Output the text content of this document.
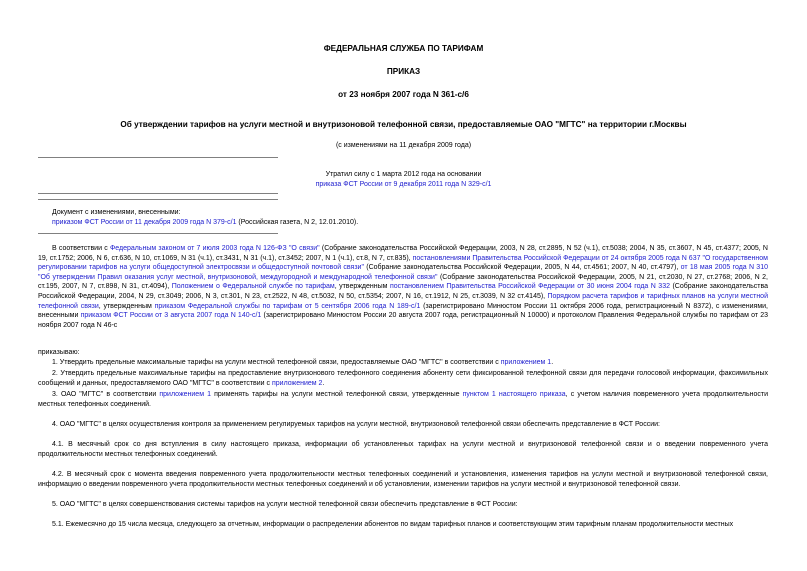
ФЕДЕРАЛЬНАЯ СЛУЖБА ПО ТАРИФАМ
ПРИКАЗ
от 23 ноября 2007 года N 361-с/6
Об утверждении тарифов на услуги местной и внутризоновой телефонной связи, предоставляемые ОАО "МГТС" на территории г.Москвы
(с изменениями на 11 декабря 2009 года)
Утратил силу с 1 марта 2012 года на основании
приказа ФСТ России от 9 декабря 2011 года N 329-с/1
Документ с изменениями, внесенными:
приказом ФСТ России от 11 декабря 2009 года N 379-с/1 (Российская газета, N 2, 12.01.2010).
В соответствии с Федеральным законом от 7 июля 2003 года N 126-ФЗ "О связи" (Собрание законодательства Российской Федерации, 2003, N 28, ст.2895, N 52 (ч.1), ст.5038; 2004, N 35, ст.3607, N 45, ст.4377; 2005, N 19, ст.1752; 2006, N 6, ст.636, N 10, ст.1069, N 31 (ч.1), ст.3431, N 31 (ч.1), ст.3452; 2007, N 1 (ч.1), ст.8, N 7, ст.835), постановлениями Правительства Российской Федерации от 24 октября 2005 года N 637 "О государственном регулировании тарифов на услуги общедоступной электросвязи и общедоступной почтовой связи" (Собрание законодательства Российской Федерации, 2005, N 44, ст.4561; 2007, N 40, ст.4797), от 18 мая 2005 года N 310 "Об утверждении Правил оказания услуг местной, внутризоновой, междугородной и международной телефонной связи" (Собрание законодательства Российской Федерации, 2005, N 21, ст.2030, N 27, ст.2768; 2006, N 2, ст.195, 2007, N 7, ст.898, N 31, ст.4094), Положением о Федеральной службе по тарифам, утвержденным постановлением Правительства Российской Федерации от 30 июня 2004 года N 332 (Собрание законодательства Российской Федерации, 2004, N 29, ст.3049; 2006, N 3, ст.301, N 23, ст.2522, N 48, ст.5032, N 50, ст.5354; 2007, N 16, ст.1912, N 25, ст.3039, N 32 ст.4145), Порядком расчета тарифов и тарифных планов на услуги местной телефонной связи, утвержденным приказом Федеральной службы по тарифам от 5 сентября 2006 года N 189-с/1 (зарегистрировано Минюстом России 11 октября 2006 года, регистрационный N 8372), с изменениями, внесенными приказом ФСТ России от 3 августа 2007 года N 140-с/1 (зарегистрировано Минюстом России 20 августа 2007 года, регистрационный N 10000) и протоколом Правления Федеральной службы по тарифам от 23 ноября 2007 года N 46-с
приказываю:
1. Утвердить предельные максимальные тарифы на услуги местной телефонной связи, предоставляемые ОАО "МГТС" в соответствии с приложением 1.
2. Утвердить предельные максимальные тарифы на предоставление внутризонового телефонного соединения абоненту сети фиксированной телефонной связи для передачи голосовой информации, факсимильных сообщений и данных, предоставляемого ОАО "МГТС" в соответствии с приложением 2.
3. ОАО "МГТС" в соответствии приложением 1 применять тарифы на услуги местной телефонной связи, утвержденные пунктом 1 настоящего приказа, с учетом наличия повременного учета продолжительности местных телефонных соединений.
4. ОАО "МГТС" в целях осуществления контроля за применением регулируемых тарифов на услуги местной, внутризоновой телефонной связи обеспечить представление в ФСТ России:
4.1. В месячный срок со дня вступления в силу настоящего приказа, информации об установленных тарифах на услуги местной и внутризоновой телефонной связи и о введении повременного учета продолжительности местных телефонных соединений.
4.2. В месячный срок с момента введения повременного учета продолжительности местных телефонных соединений и установления, изменения тарифов на услуги местной и внутризоновой телефонной связи, информацию о введении повременного учета продолжительности местных телефонных соединений и об установлении, изменении тарифов на услуги местной и внутризоновой телефонной связи.
5. ОАО "МГТС" в целях совершенствования системы тарифов на услуги местной телефонной связи обеспечить представление в ФСТ России:
5.1. Ежемесячно до 15 числа месяца, следующего за отчетным, информации о распределении абонентов по видам тарифных планов и соответствующим этим тарифным планам продолжительности местных
